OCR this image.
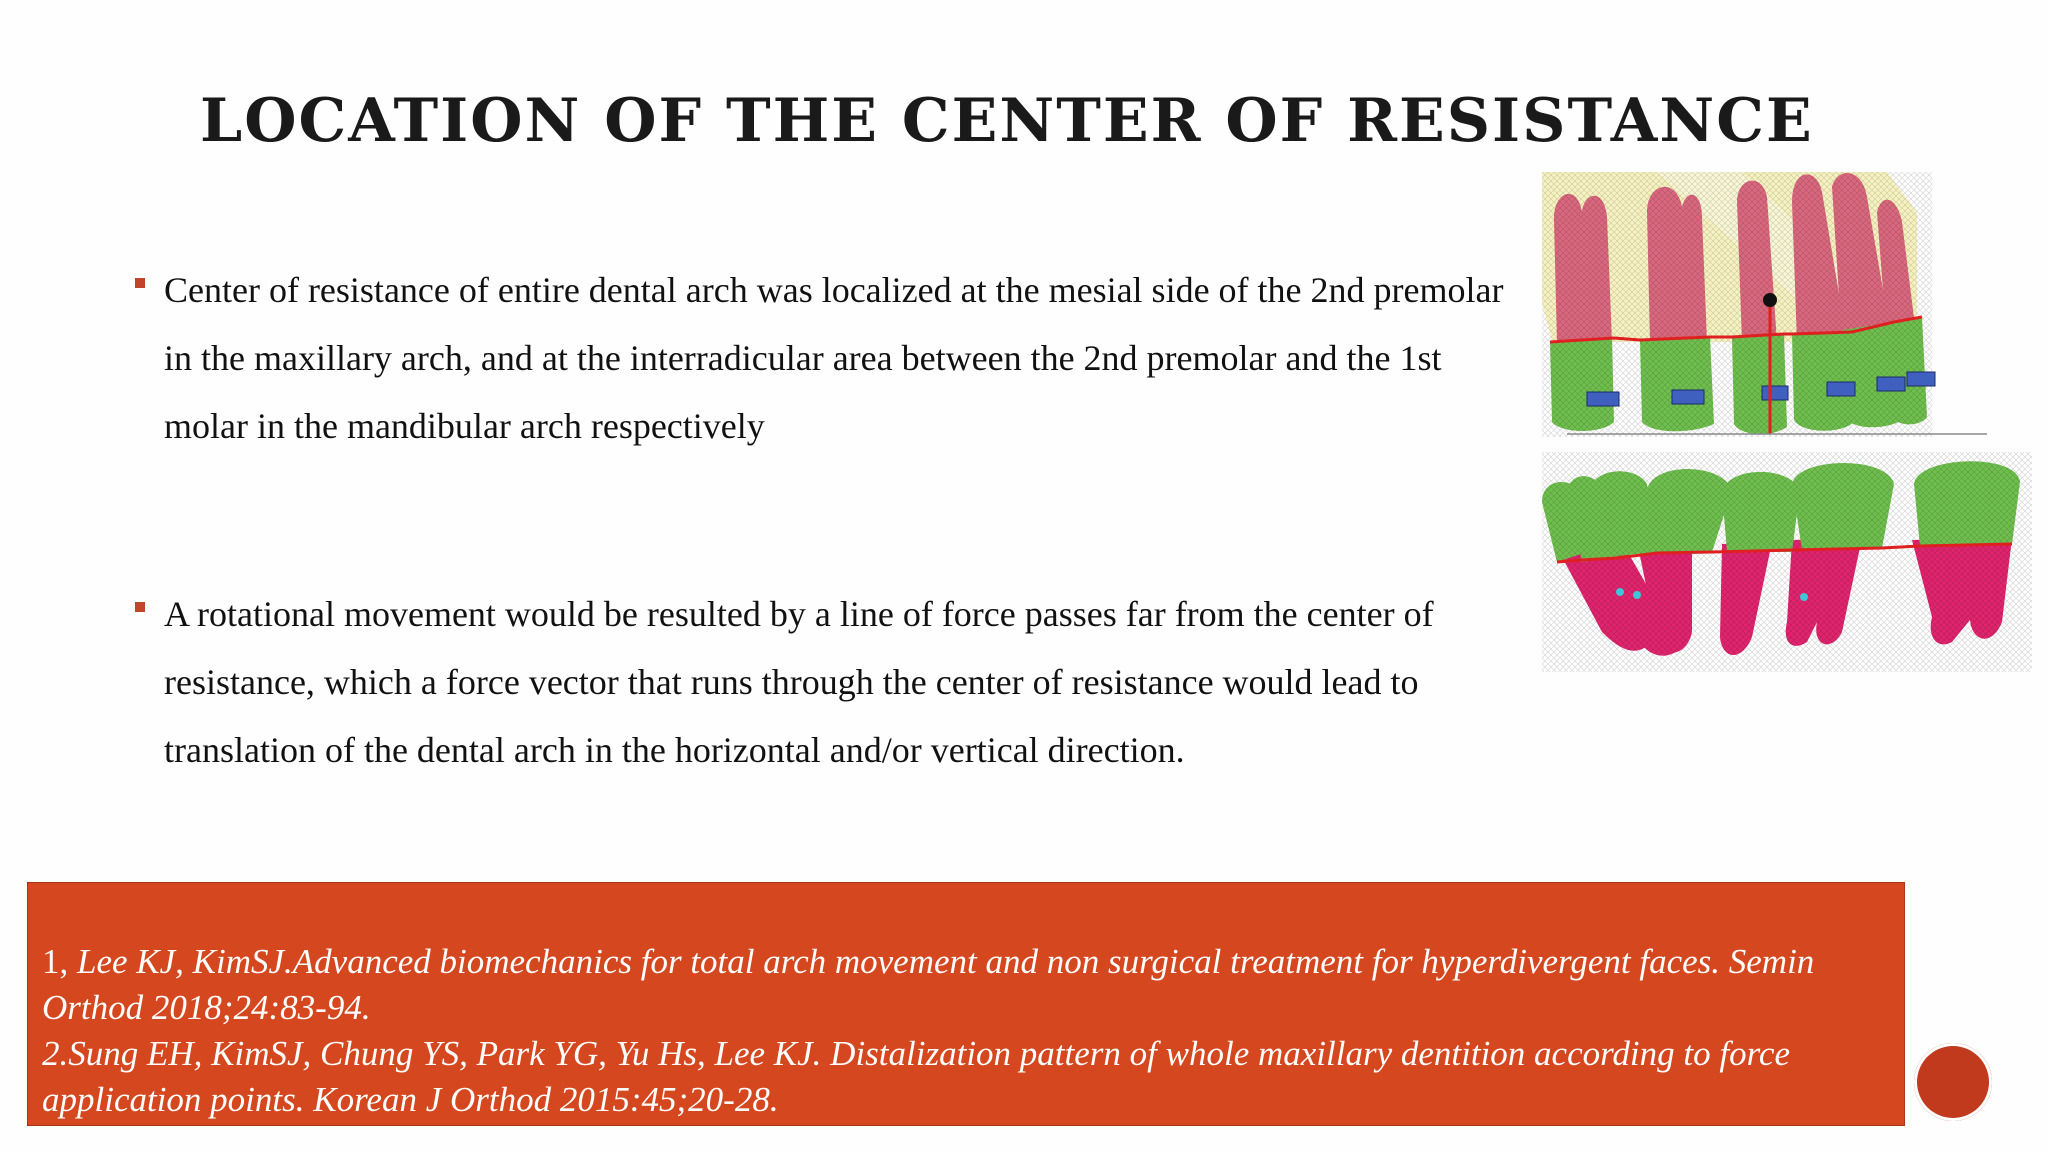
LOCATION OF THE CENTER OF RESISTANCE
Center of resistance of entire dental arch was localized at the mesial side of the 2nd premolar in the maxillary arch, and at the interradicular area between the 2nd premolar and the 1st molar in the mandibular arch respectively
A rotational movement would be resulted by a line of force passes far from the center of resistance, which a force vector that runs through the center of resistance would lead to translation of the dental arch in the horizontal and/or vertical direction.
1, Lee KJ, KimSJ.Advanced biomechanics for total arch movement and non surgical treatment for hyperdivergent faces. Semin Orthod 2018;24:83-94.
2.Sung EH, KimSJ, Chung YS, Park YG, Yu Hs, Lee KJ. Distalization pattern of whole maxillary dentition according to force application points. Korean J Orthod 2015:45;20-28.
